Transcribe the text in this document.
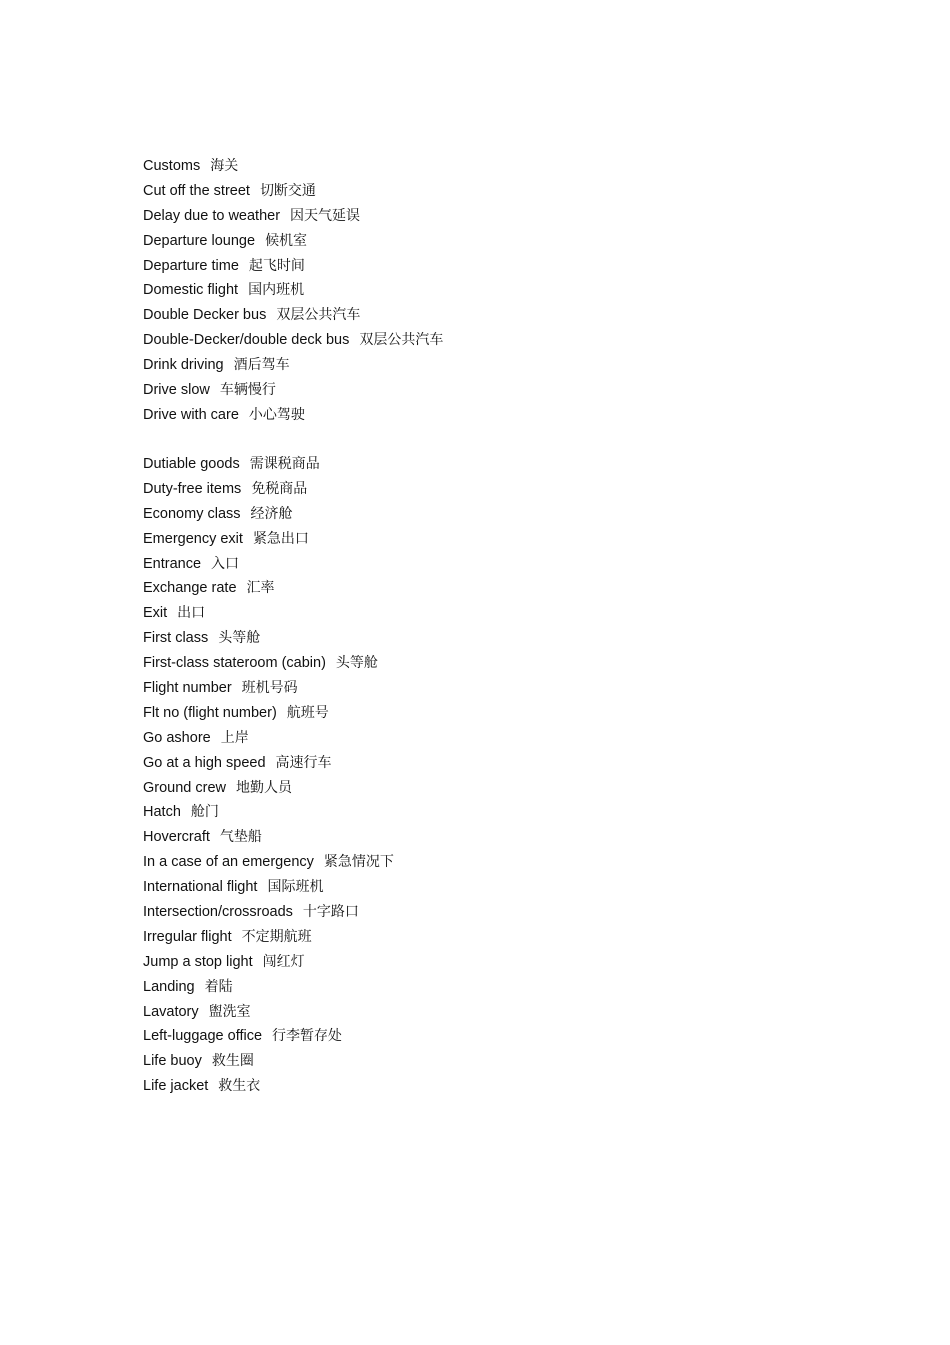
Customs 海关
Cut off the street 切断交通
Delay due to weather 因天气延误
Departure lounge 候机室
Departure time 起飞时间
Domestic flight 国内班机
Double Decker bus 双层公共汽车
Double-Decker/double deck bus 双层公共汽车
Drink driving 酒后驾车
Drive slow 车辆慢行
Drive with care 小心驾驶
Dutiable goods 需课税商品
Duty-free items 免税商品
Economy class 经济舱
Emergency exit 紧急出口
Entrance 入口
Exchange rate 汇率
Exit 出口
First class 头等舱
First-class stateroom (cabin) 头等舱
Flight number 班机号码
Flt no (flight number) 航班号
Go ashore 上岸
Go at a high speed 高速行车
Ground crew 地勤人员
Hatch 舱门
Hovercraft 气垫船
In a case of an emergency 紧急情况下
International flight 国际班机
Intersection/crossroads 十字路口
Irregular flight 不定期航班
Jump a stop light 闯红灯
Landing 着陆
Lavatory 盥洗室
Left-luggage office 行李暂存处
Life buoy 救生圈
Life jacket 救生衣
